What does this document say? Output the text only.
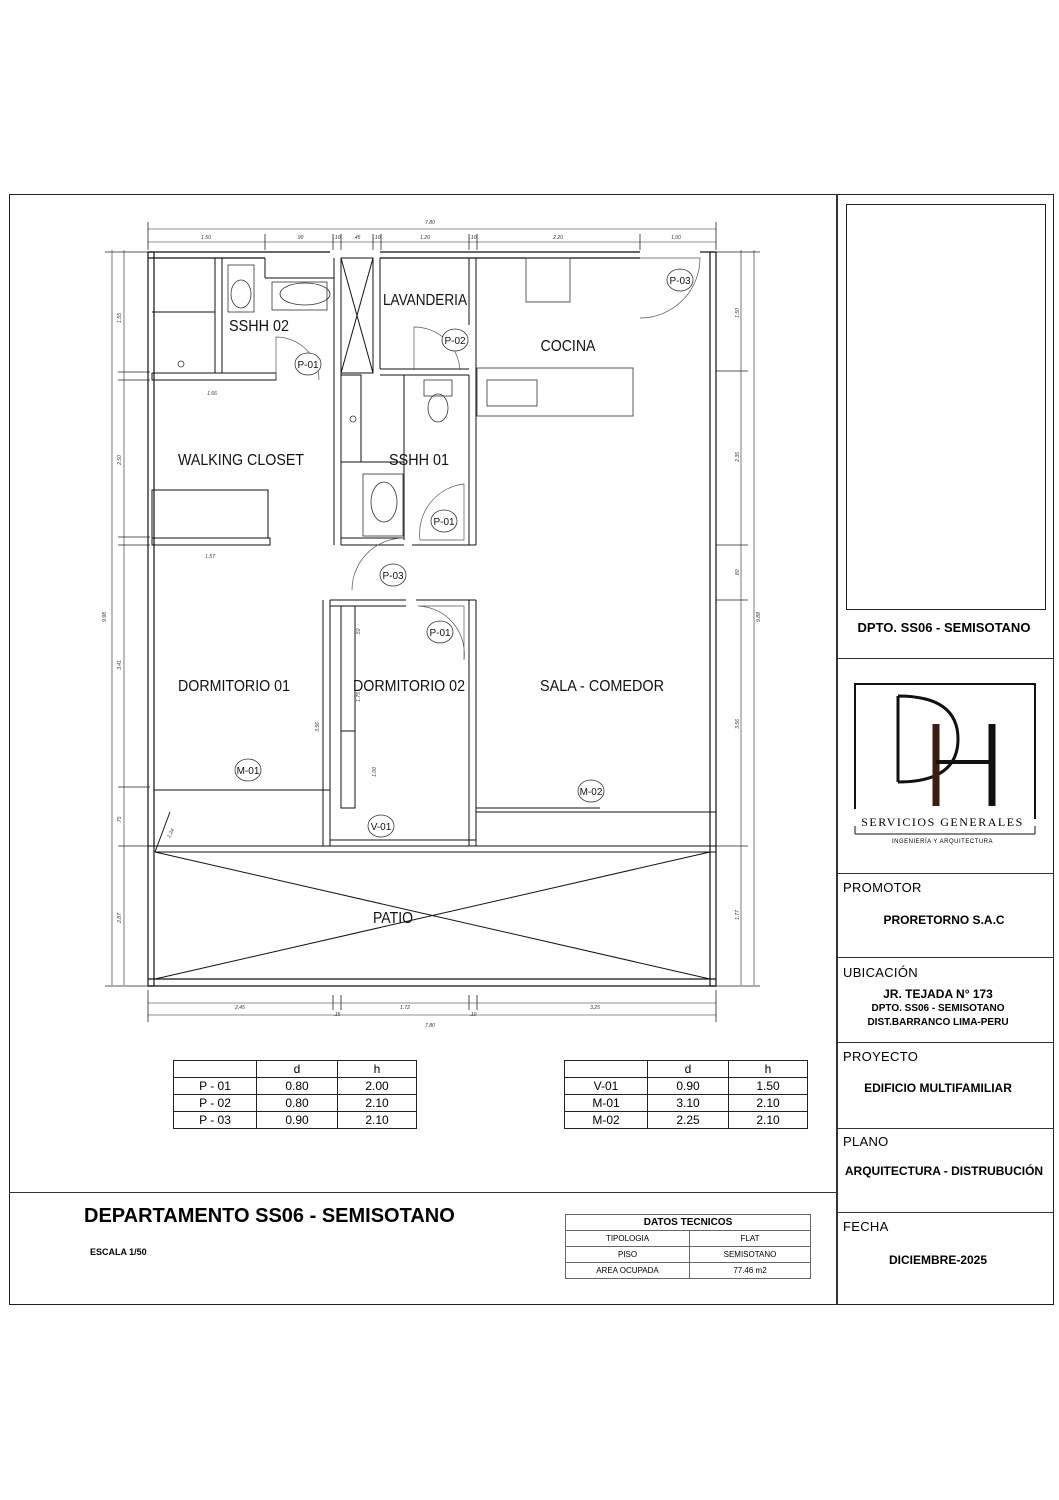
DPTO. SS06 - SEMISOTANO
SERVICIOS GENERALES
INGENIERÍA Y ARQUITECTURA
PROMOTOR
PRORETORNO S.A.C
UBICACIÓN
JR. TEJADA N° 173
DPTO. SS06 - SEMISOTANO
DIST.BARRANCO LIMA-PERU
PROYECTO
EDIFICIO MULTIFAMILIAR
PLANO
ARQUITECTURA - DISTRUBUCIÓN
FECHA
DICIEMBRE-2025
7.80
1.50	.90	.10	.45	.10	1.20	.10	2.20	1.00
2.45
.15
1.72
.10
3.25
7.80
1.66
1.57
9.98
1.55
2.50
3.41
.75
2.87
9.88
1.50
2.35
.80
3.56
1.77
.50
1.75
1.00
3.56
1.24
P-01
P-02
P-03
P-01
P-03
P-01
M-01
M-02
V-01
SSHH 02
LAVANDERIA
COCINA
WALKING CLOSET	SSHH 01
DORMITORIO 01	DORMITORIO 02	SALA - COMEDOR
PATIO
	d	h
P - 01	0.80	2.00
P - 02	0.80	2.10
P - 03	0.90	2.10
	d	h
V-01	0.90	1.50
M-01	3.10	2.10
M-02	2.25	2.10
DEPARTAMENTO SS06 - SEMISOTANO
ESCALA 1/50
DATOS TECNICOS	
TIPOLOGIA	FLAT
PISO	SEMISOTANO
AREA OCUPADA	77.46 m2
